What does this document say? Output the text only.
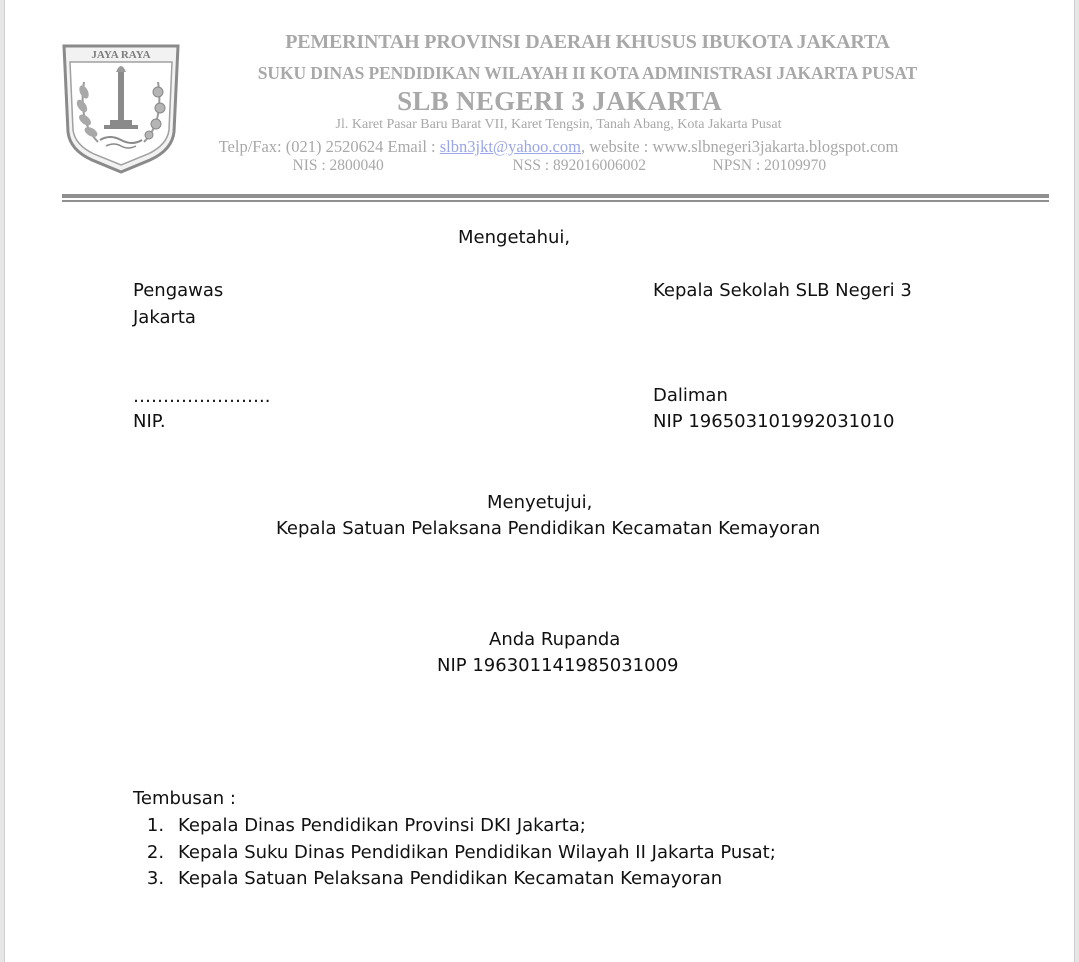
JAYA RAYA
PEMERINTAH PROVINSI DAERAH KHUSUS IBUKOTA JAKARTA
SUKU DINAS PENDIDIKAN WILAYAH II KOTA ADMINISTRASI JAKARTA PUSAT
SLB NEGERI 3 JAKARTA
Jl. Karet Pasar Baru Barat VII, Karet Tengsin, Tanah Abang, Kota Jakarta Pusat
Telp/Fax: (021) 2520624 Email : slbn3jkt@yahoo.com, website : www.slbnegeri3jakarta.blogspot.com
NIS : 2800040	NSS : 892016006002	NPSN : 20109970
Mengetahui,
Pengawas
Jakarta
…………………..
NIP.
Kepala Sekolah SLB Negeri 3
Daliman
NIP 196503101992031010
Menyetujui,
Kepala Satuan Pelaksana Pendidikan Kecamatan Kemayoran
Anda Rupanda
NIP 196301141985031009
Tembusan :
1. Kepala Dinas Pendidikan Provinsi DKI Jakarta;
2. Kepala Suku Dinas Pendidikan Pendidikan Wilayah II Jakarta Pusat;
3. Kepala Satuan Pelaksana Pendidikan Kecamatan Kemayoran
